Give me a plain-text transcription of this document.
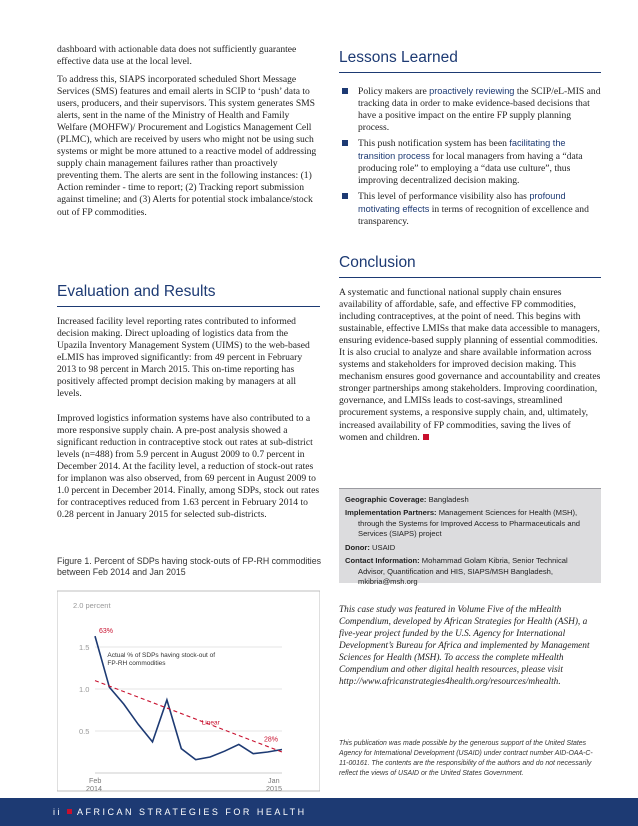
dashboard with actionable data does not sufficiently guarantee effective data use at the local level.

To address this, SIAPS incorporated scheduled Short Message Services (SMS) features and email alerts in SCIP to ‘push’ data to users, producers, and their supervisors. This system generates SMS alerts, sent in the name of the Ministry of Health and Family Welfare (MOHFW)/ Procurement and Logistics Management Cell (PLMC), which are received by users who might not be using such systems or might be more attuned to a reactive model of addressing supply chain management failures rather than proactively preventing them. The alerts are sent in the following instances: (1) Action reminder - time to report; (2) Tracking report submission against timeline; and (3) Alerts for potential stock imbalance/stock out of FP commodities.

Evaluation and Results

Increased facility level reporting rates contributed to informed decision making. Direct uploading of logistics data from the Upazila Inventory Management System (UIMS) to the web-based eLMIS has improved significantly: from 49 percent in February 2013 to 98 percent in March 2015. This on-time reporting has positively affected prompt decision making by managers at all levels.

Improved logistics information systems have also contributed to a more responsive supply chain. A pre-post analysis showed a significant reduction in contraceptive stock out rates at sub-district levels (n=488) from 5.9 percent in August 2009 to 0.7 percent in December 2014. At the facility level, a reduction of stock-out rates for implanon was also observed, from 69 percent in August 2009 to 1.0 percent in December 2014. Finally, among SDPs, stock out rates for contraceptives reduced from 1.63 percent in February 2014 to 0.28 percent in January 2015 for selected sub-districts.

Figure 1. Percent of SDPs having stock-outs of FP-RH commodities between Feb 2014 and Jan 2015
2.0 percent
1.5
1.0
0.5
Feb
2014
Jan
2015
63%
28%
Actual % of SDPs having stock-out of FP-RH commodities
Linear
Lessons Learned
Policy makers are proactively reviewing the SCIP/eL-MIS and tracking data in order to make evidence-based decisions that have a positive impact on the entire FP supply planning process.
This push notification system has been facilitating the transition process for local managers from having a “data producing role” to employing a “data use culture”, thus improving decentralized decision making.
This level of performance visibility also has profound motivating effects in terms of recognition of excellence and transparency.
Conclusion

A systematic and functional national supply chain ensures availability of affordable, safe, and effective FP commodities, including contraceptives, at the point of need. This begins with sustainable, effective LMISs that make data accessible to managers, ensuring evidence-based supply planning of essential commodities. It is also crucial to analyze and share available information across systems and stakeholders for improved decision making. This mechanism ensures good governance and accountability and creates stronger partnerships among stakeholders. Improving coordination, governance, and LMISs leads to cost-savings, streamlined procurement systems, a responsive supply chain, and, ultimately, increased availability of FP commodities, saving the lives of women and children.

Geographic Coverage: Bangladesh
Implementation Partners: Management Sciences for Health (MSH), through the Systems for Improved Access to Pharmaceuticals and Services (SIAPS) project
Donor: USAID
Contact Information: Mohammad Golam Kibria, Senior Technical Advisor, Quantification and HIS, SIAPS/MSH Bangladesh, mkibria@msh.org

This case study was featured in Volume Five of the mHealth Compendium, developed by African Strategies for Health (ASH), a five-year project funded by the U.S. Agency for International Development’s Bureau for Africa and implemented by Management Sciences for Health (MSH). To access the complete mHealth Compendium and other digital health resources, please visit http://www.africanstrategies4health.org/resources/mhealth.

This publication was made possible by the generous support of the United States Agency for International Development (USAID) under contract number AID-OAA-C-11-00161. The contents are the responsibility of the authors and do not necessarily reflect the views of USAID or the United States Government.
ii AFRICAN STRATEGIES FOR HEALTH
